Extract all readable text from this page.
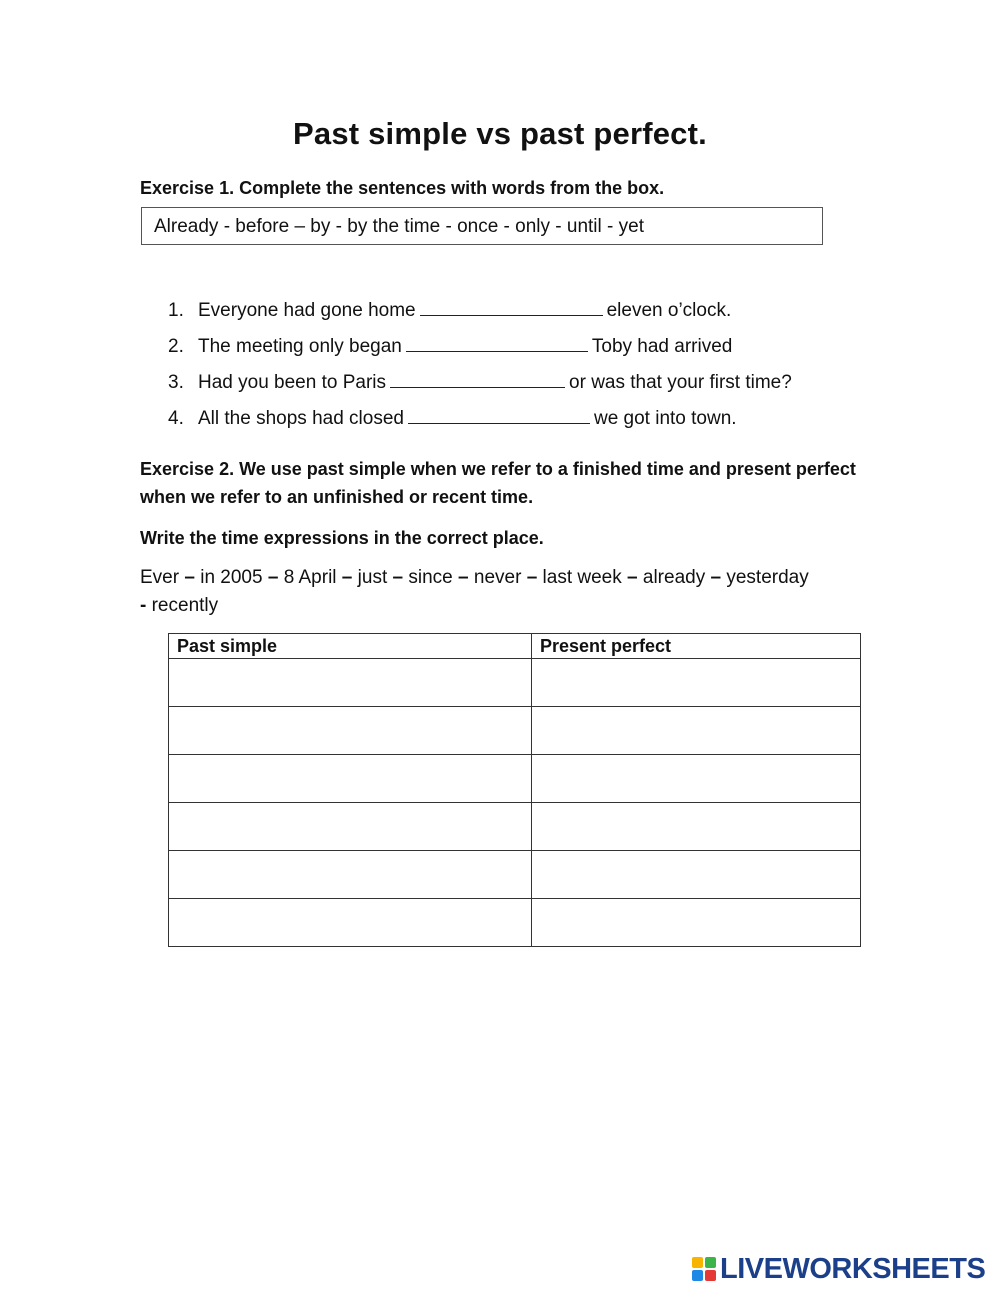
Past simple vs past perfect.
Exercise 1. Complete the sentences with words from the box.
Already - before – by - by the time - once - only - until - yet
1. Everyone had gone home	eleven o’clock.
2. The meeting only began	Toby had arrived
3. Had you been to Paris	or was that your first time?
4. All the shops had closed	we got into town.
Exercise 2. We use past simple when we refer to a finished time and present perfect when we refer to an unfinished or recent time.
Write the time expressions in the correct place.
Ever – in 2005 – 8 April – just – since – never – last week – already – yesterday
- recently
Past simple	Present perfect

LIVEWORKSHEETS
